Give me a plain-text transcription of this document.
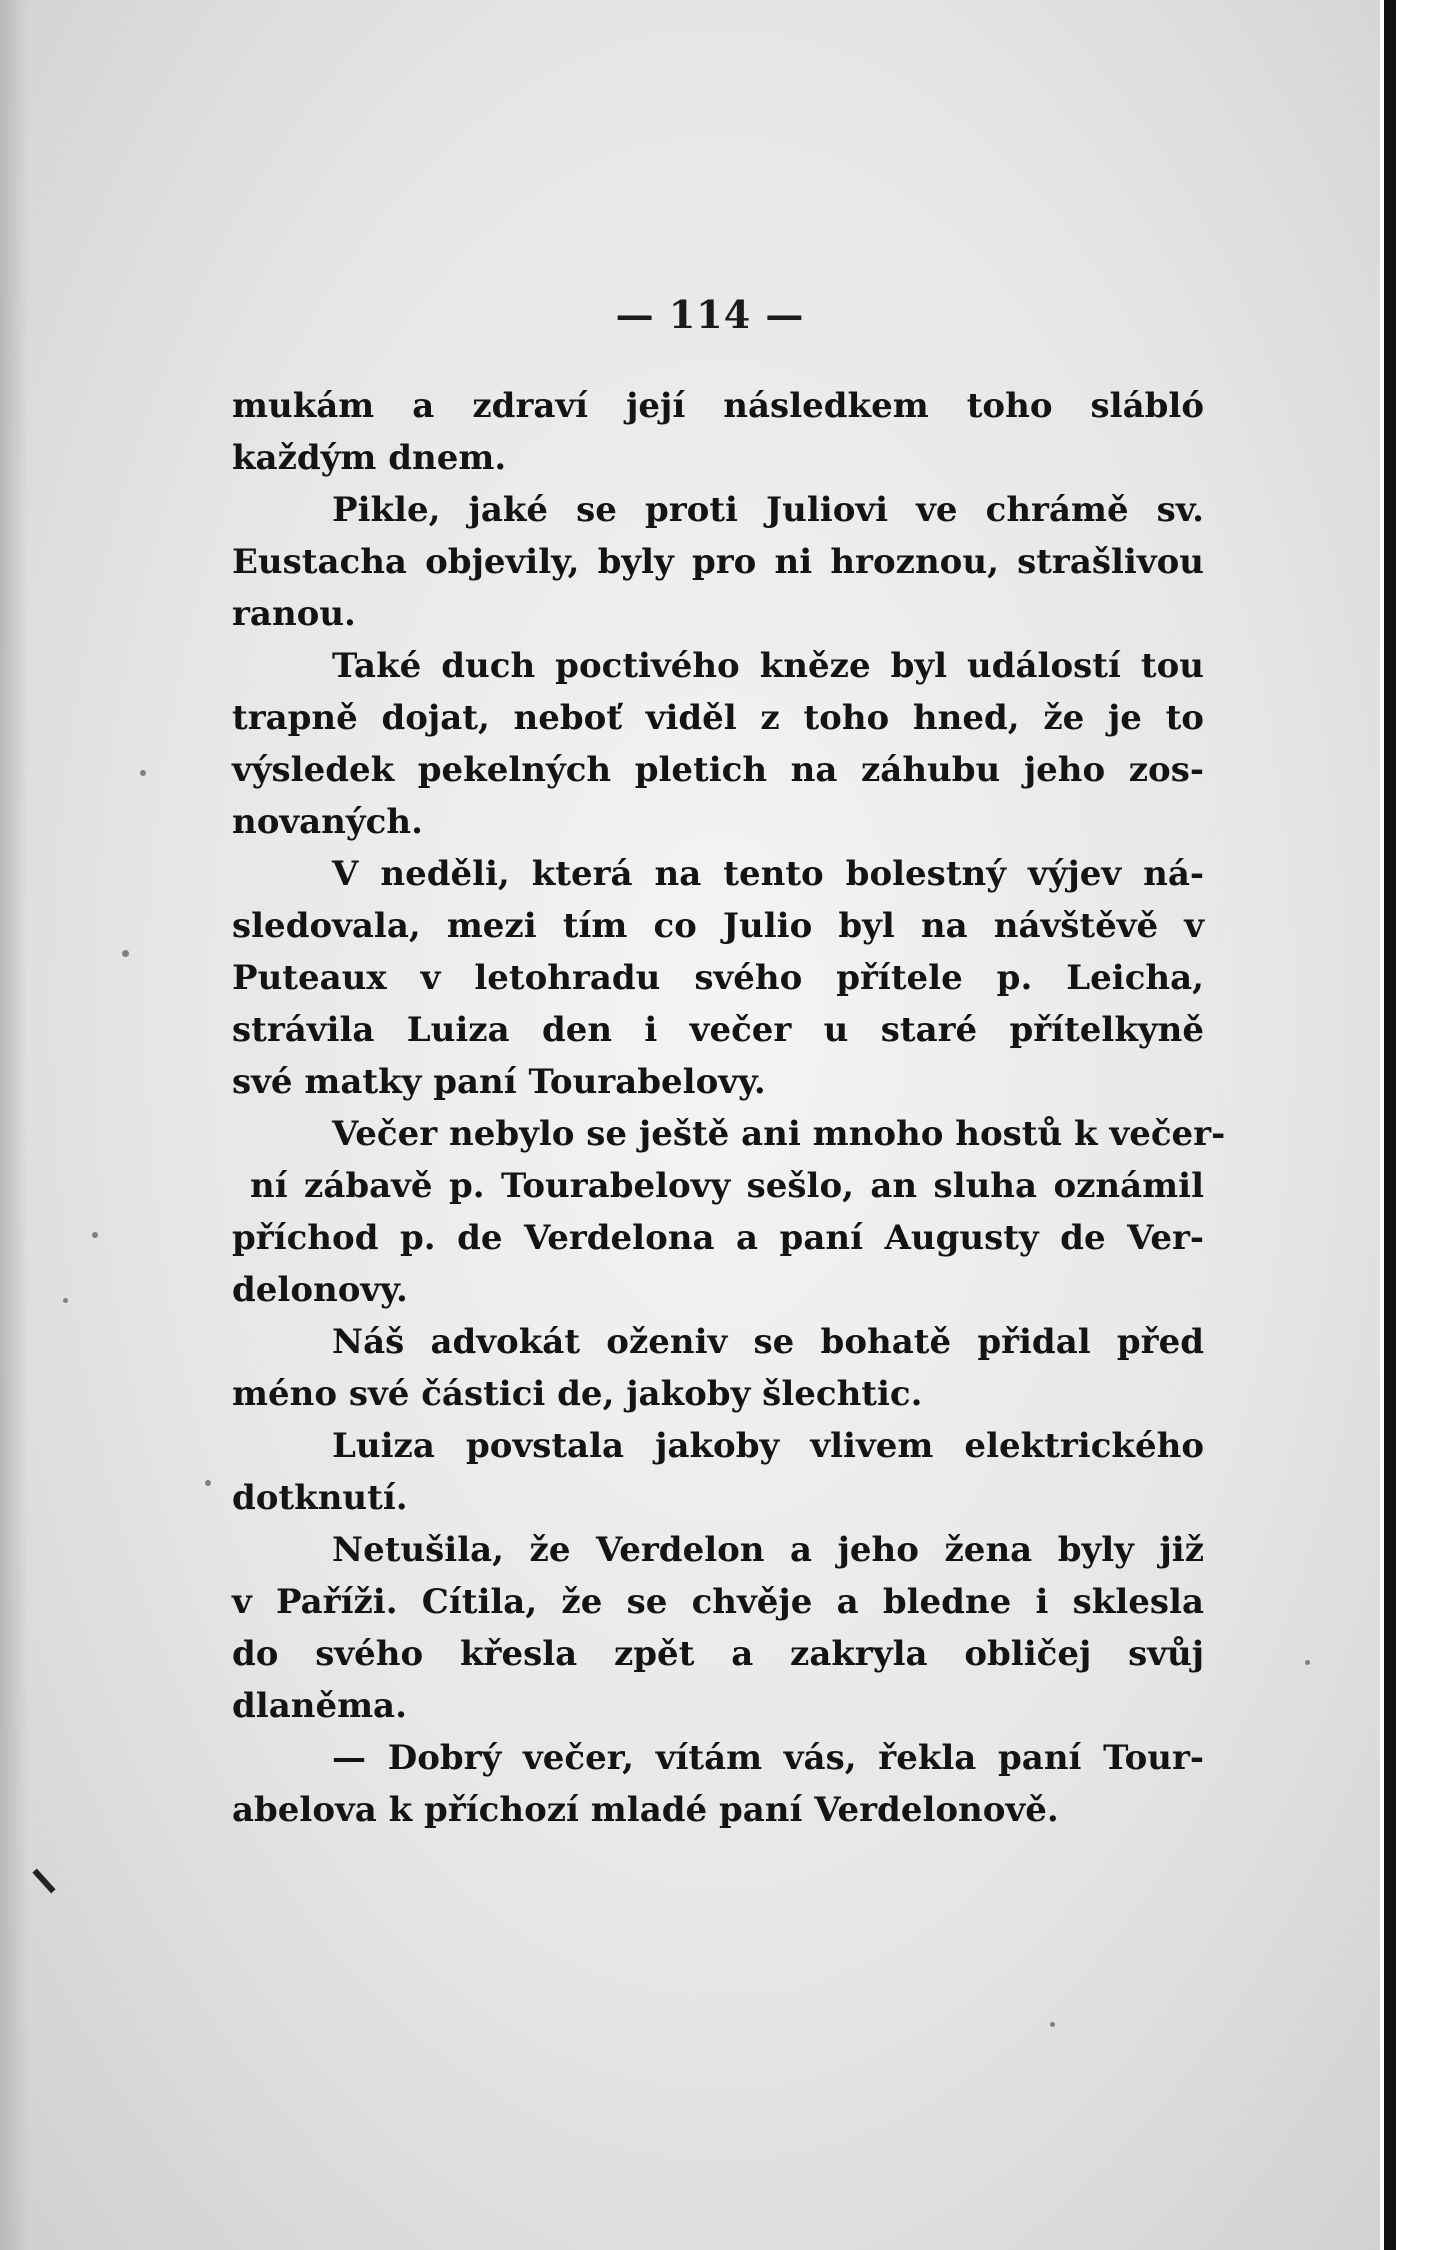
— 114 —
mukám a zdraví její následkem toho slábló
každým dnem.
Pikle, jaké se proti Juliovi ve chrámě sv.
Eustacha objevily, byly pro ni hroznou, strašlivou
ranou.
Také duch poctivého kněze byl událostí tou
trapně dojat, neboť viděl z toho hned, že je to
výsledek pekelných pletich na záhubu jeho zos-
novaných.
V neděli, která na tento bolestný výjev ná-
sledovala, mezi tím co Julio byl na návštěvě v
Puteaux v letohradu svého přítele p. Leicha,
strávila Luiza den i večer u staré přítelkyně
své matky paní Tourabelovy.
Večer nebylo se ještě ani mnoho hostů k večer-
ní zábavě p. Tourabelovy sešlo, an sluha oznámil
příchod p. de Verdelona a paní Augusty de Ver-
delonovy.
Náš advokát oženiv se bohatě přidal před
méno své částici de, jakoby šlechtic.
Luiza povstala jakoby vlivem elektrického
dotknutí.
Netušila, že Verdelon a jeho žena byly již
v Paříži. Cítila, že se chvěje a bledne i sklesla
do svého křesla zpět a zakryla obličej svůj
dlaněma.
— Dobrý večer, vítám vás, řekla paní Tour-
abelova k příchozí mladé paní Verdelonově.
